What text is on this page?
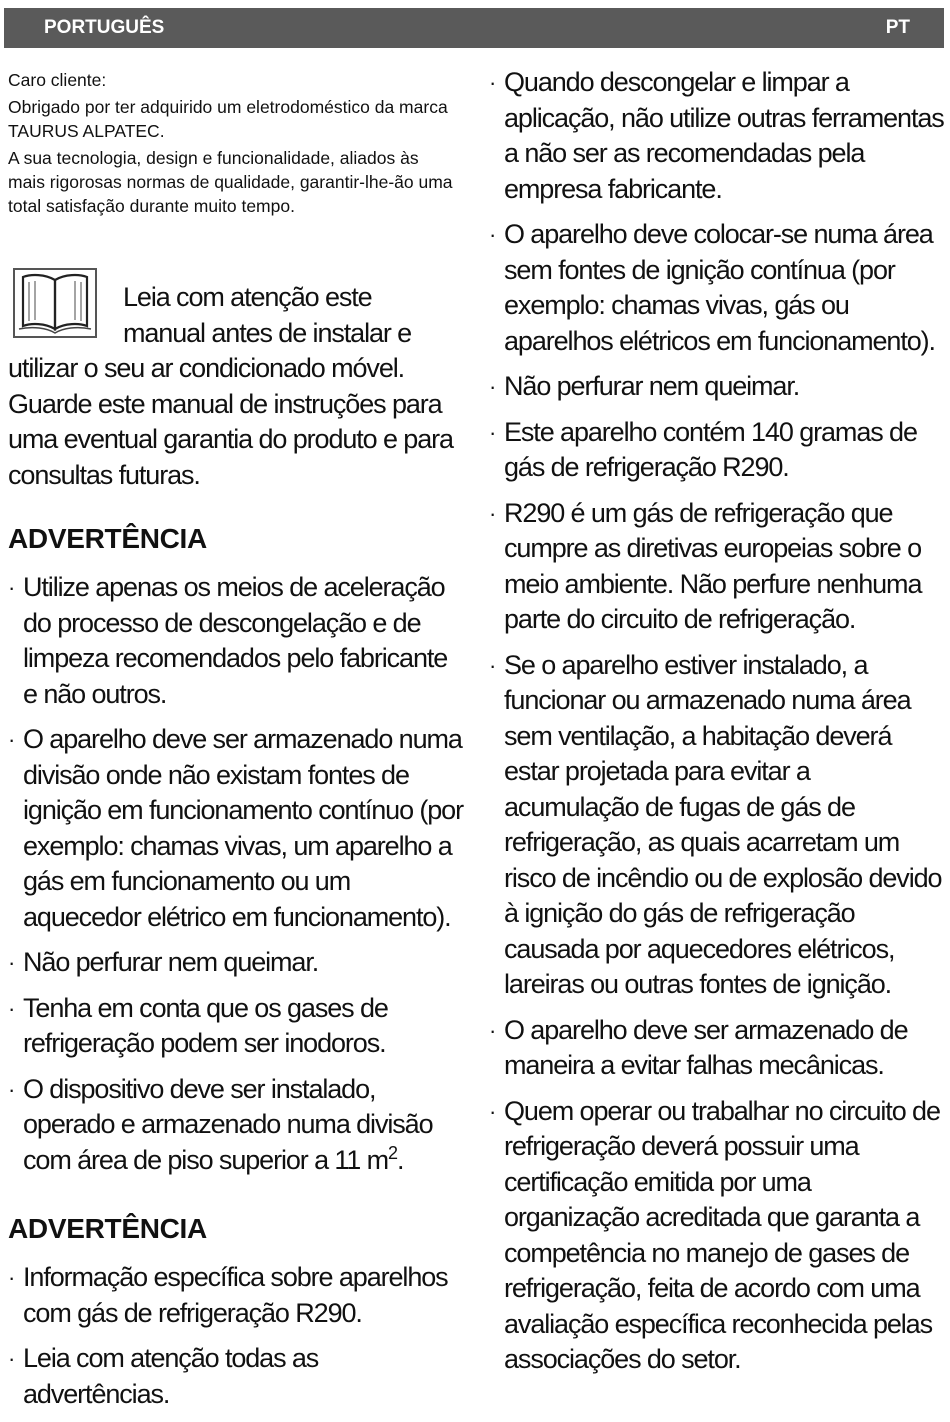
PORTUGUÊS	PT

Caro cliente:

Obrigado por ter adquirido um eletrodoméstico da marca TAURUS ALPATEC.

A sua tecnologia, design e funcionalidade, aliados às mais rigorosas normas de qualidade, garantir-lhe-ão uma total satisfação durante muito tempo.

Leia com atenção este manual antes de instalar e utilizar o seu ar condicionado móvel. Guarde este manual de instruções para uma eventual garantia do produto e para consultas futuras.
ADVERTÊNCIA
· Utilize apenas os meios de aceleração do processo de descongelação e de limpeza recomendados pelo fabricante e não outros.
· O aparelho deve ser armazenado numa divisão onde não existam fontes de ignição em funcionamento contínuo (por exemplo: chamas vivas, um aparelho a gás em funcionamento ou um aquecedor elétrico em funcionamento).
· Não perfurar nem queimar.
· Tenha em conta que os gases de refrigeração podem ser inodoros.
· O dispositivo deve ser instalado, operado e armazenado numa divisão com área de piso superior a 11 $m^2$.
ADVERTÊNCIA
· Informação específica sobre aparelhos com gás de refrigeração R290.
· Leia com atenção todas as advertências.
· Quando descongelar e limpar a aplicação, não utilize outras ferramentas a não ser as recomendadas pela empresa fabricante.
· O aparelho deve colocar-se numa área sem fontes de ignição contínua (por exemplo: chamas vivas, gás ou aparelhos elétricos em funcionamento).
· Não perfurar nem queimar.
· Este aparelho contém 140 gramas de gás de refrigeração R290.
· R290 é um gás de refrigeração que cumpre as diretivas europeias sobre o meio ambiente. Não perfure nenhuma parte do circuito de refrigeração.
· Se o aparelho estiver instalado, a funcionar ou armazenado numa área sem ventilação, a habitação deverá estar projetada para evitar a acumulação de fugas de gás de refrigeração, as quais acarretam um risco de incêndio ou de explosão devido à ignição do gás de refrigeração causada por aquecedores elétricos, lareiras ou outras fontes de ignição.
· O aparelho deve ser armazenado de maneira a evitar falhas mecânicas.
· Quem operar ou trabalhar no circuito de refrigeração deverá possuir uma certificação emitida por uma organização acreditada que garanta a competência no manejo de gases de refrigeração, feita de acordo com uma avaliação específica reconhecida pelas associações do setor.
